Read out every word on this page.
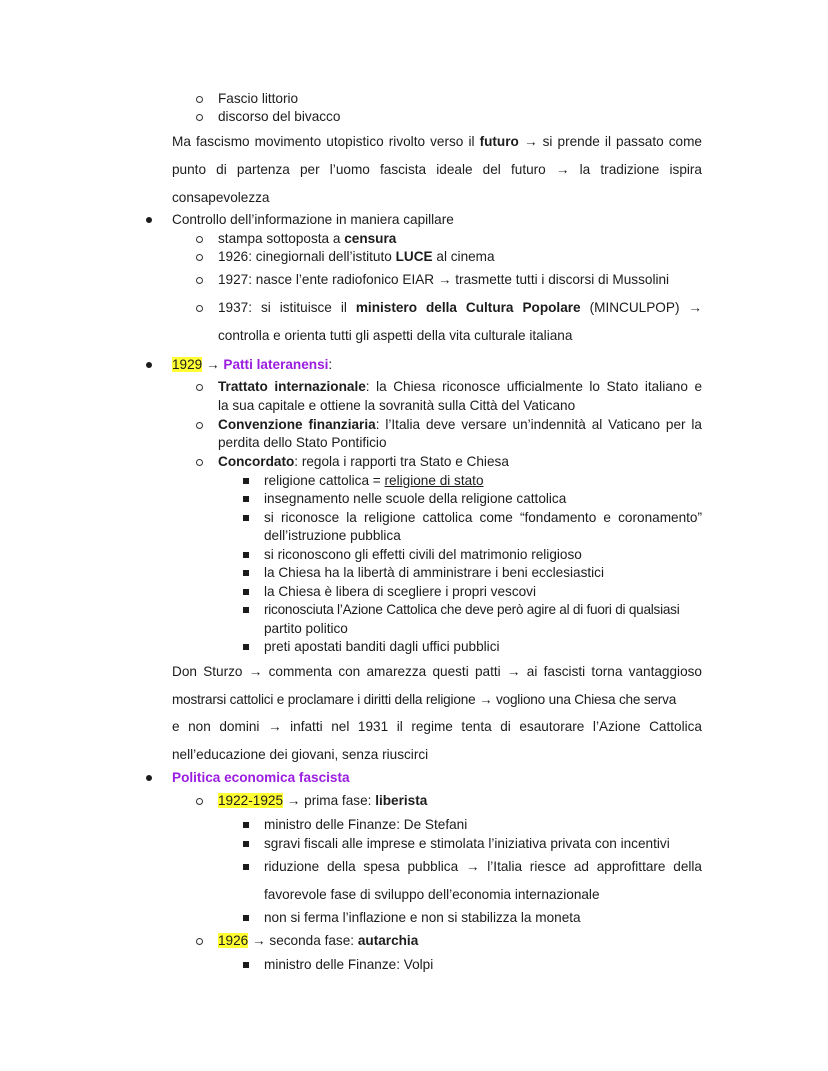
Fascio littorio
discorso del bivacco
Ma fascismo movimento utopistico rivolto verso il futuro → si prende il passato come
punto di partenza per l’uomo fascista ideale del futuro → la tradizione ispira
consapevolezza
Controllo dell’informazione in maniera capillare
stampa sottoposta a censura
1926: cinegiornali dell’istituto LUCE al cinema
1927: nasce l’ente radiofonico EIAR → trasmette tutti i discorsi di Mussolini
1937: si istituisce il ministero della Cultura Popolare (MINCULPOP) →
controlla e orienta tutti gli aspetti della vita culturale italiana
1929 → Patti lateranensi:
Trattato internazionale: la Chiesa riconosce ufficialmente lo Stato italiano e
la sua capitale e ottiene la sovranità sulla Città del Vaticano
Convenzione finanziaria: l’Italia deve versare un’indennità al Vaticano per la
perdita dello Stato Pontificio
Concordato: regola i rapporti tra Stato e Chiesa
religione cattolica = religione di stato
insegnamento nelle scuole della religione cattolica
si riconosce la religione cattolica come “fondamento e coronamento”
dell’istruzione pubblica
si riconoscono gli effetti civili del matrimonio religioso
la Chiesa ha la libertà di amministrare i beni ecclesiastici
la Chiesa è libera di scegliere i propri vescovi
riconosciuta l’Azione Cattolica che deve però agire al di fuori di qualsiasi
partito politico
preti apostati banditi dagli uffici pubblici
Don Sturzo → commenta con amarezza questi patti → ai fascisti torna vantaggioso
mostrarsi cattolici e proclamare i diritti della religione → vogliono una Chiesa che serva
e non domini → infatti nel 1931 il regime tenta di esautorare l’Azione Cattolica
nell’educazione dei giovani, senza riuscirci
Politica economica fascista
1922-1925 → prima fase: liberista
ministro delle Finanze: De Stefani
sgravi fiscali alle imprese e stimolata l’iniziativa privata con incentivi
riduzione della spesa pubblica → l’Italia riesce ad approfittare della
favorevole fase di sviluppo dell’economia internazionale
non si ferma l’inflazione e non si stabilizza la moneta
1926 → seconda fase: autarchia
ministro delle Finanze: Volpi
